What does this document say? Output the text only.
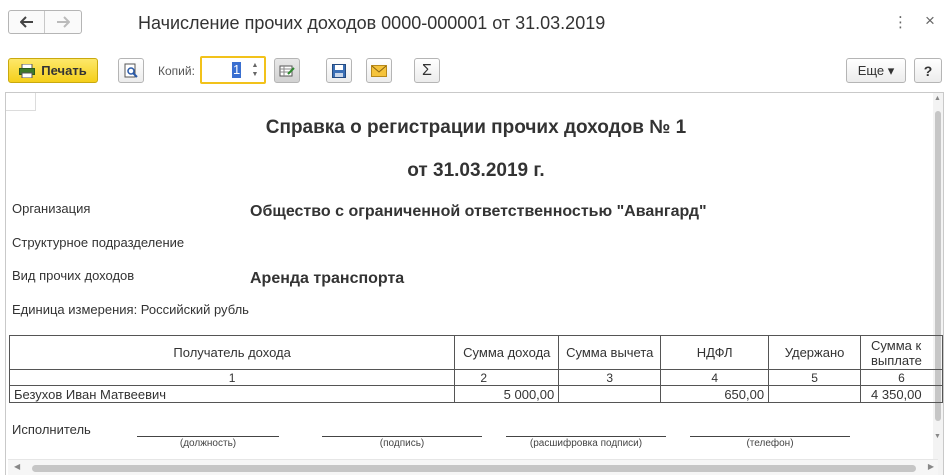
Начисление прочих доходов 0000-000001 от 31.03.2019	⋮ ×
Печать	Копий:	1	▲
▼	Σ	Еще ▾	?
▲
▼
Справка о регистрации прочих доходов № 1
от 31.03.2019 г.
Организация	Общество с ограниченной ответственностью "Авангард"
Структурное подразделение
Вид прочих доходов	Аренда транспорта
Единица измерения: Российский рубль
Получатель дохода	Сумма дохода	Сумма вычета	НДФЛ	Удержано	Сумма к выплате
1	2	3	4	5	6
Безухов Иван Матвеевич	5 000,00		650,00		4 350,00
Исполнитель
(должность)	(подпись)	(расшифровка подписи)	(телефон)
◀	▶
